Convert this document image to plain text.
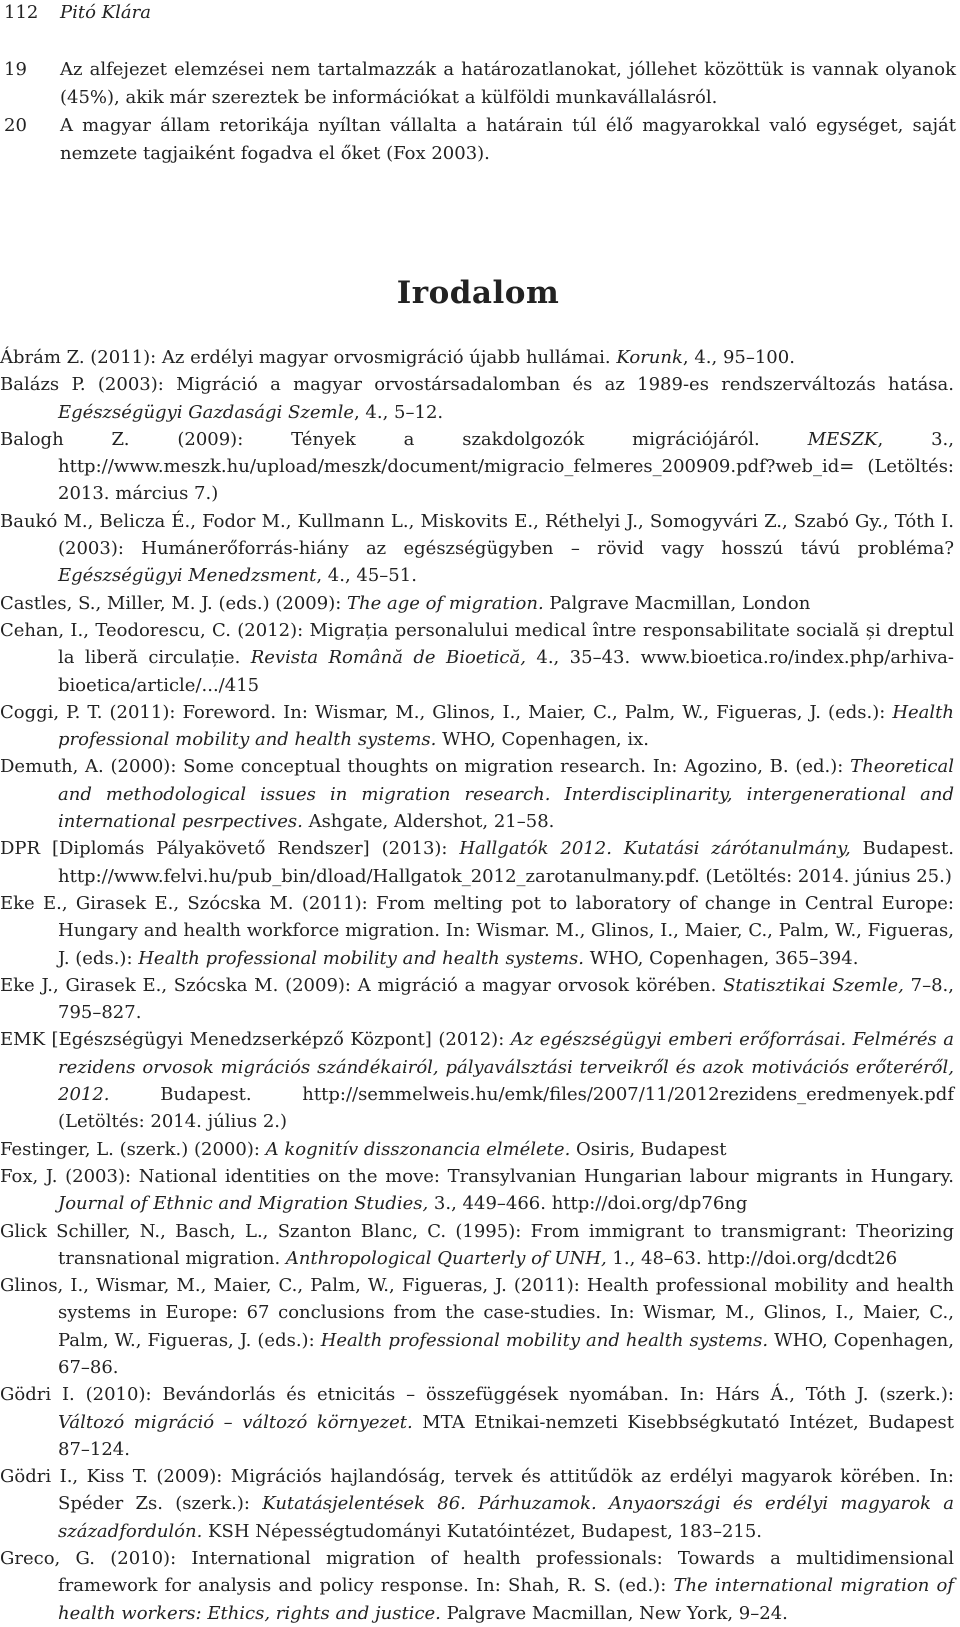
112 Pitó Klára
19 Az alfejezet elemzései nem tartalmazzák a határozatlanokat, jóllehet közöttük is vannak olyanok (45%), akik már szereztek be információkat a külföldi munkavállalásról.
20 A magyar állam retorikája nyíltan vállalta a határain túl élő magyarokkal való egységet, saját nemzete tagjaiként fogadva el őket (Fox 2003).
Irodalom

Ábrám Z. (2011): Az erdélyi magyar orvosmigráció újabb hullámai. Korunk, 4., 95–100.

Balázs P. (2003): Migráció a magyar orvostársadalomban és az 1989-es rendszerváltozás hatása. Egészségügyi Gazdasági Szemle, 4., 5–12.

Balogh Z. (2009): Tények a szakdolgozók migrációjáról. MESZK, 3., http://www.meszk.hu/upload/meszk/document/migracio_felmeres_200909.pdf?web_id= (Letöltés: 2013. március 7.)

Baukó M., Belicza É., Fodor M., Kullmann L., Miskovits E., Réthelyi J., Somogyvári Z., Szabó Gy., Tóth I. (2003): Humánerőforrás-hiány az egészségügyben – rövid vagy hosszú távú probléma? Egészségügyi Menedzsment, 4., 45–51.

Castles, S., Miller, M. J. (eds.) (2009): The age of migration. Palgrave Macmillan, London

Cehan, I., Teodorescu, C. (2012): Migrația personalului medical între responsabilitate socială și dreptul la liberă circulație. Revista Română de Bioetică, 4., 35–43. www.bioetica.ro/index.php/arhiva-bioetica/article/.../415

Coggi, P. T. (2011): Foreword. In: Wismar, M., Glinos, I., Maier, C., Palm, W., Figueras, J. (eds.): Health professional mobility and health systems. WHO, Copenhagen, ix.

Demuth, A. (2000): Some conceptual thoughts on migration research. In: Agozino, B. (ed.): Theoretical and methodological issues in migration research. Interdisciplinarity, intergenerational and international pesrpectives. Ashgate, Aldershot, 21–58.

DPR [Diplomás Pályakövető Rendszer] (2013): Hallgatók 2012. Kutatási zárótanulmány, Budapest. http://www.felvi.hu/pub_bin/dload/Hallgatok_2012_zarotanulmany.pdf. (Letöltés: 2014. június 25.)

Eke E., Girasek E., Szócska M. (2011): From melting pot to laboratory of change in Central Europe: Hungary and health workforce migration. In: Wismar. M., Glinos, I., Maier, C., Palm, W., Figueras, J. (eds.): Health professional mobility and health systems. WHO, Copenhagen, 365–394.

Eke J., Girasek E., Szócska M. (2009): A migráció a magyar orvosok körében. Statisztikai Szemle, 7–8., 795–827.

EMK [Egészségügyi Menedzserképző Központ] (2012): Az egészségügyi emberi erőforrásai. Felmérés a rezidens orvosok migrációs szándékairól, pályaválsztási terveikről és azok motivációs erőteréről, 2012. Budapest. http://semmelweis.hu/emk/files/2007/11/2012rezidens_eredmenyek.pdf (Letöltés: 2014. július 2.)

Festinger, L. (szerk.) (2000): A kognitív disszonancia elmélete. Osiris, Budapest

Fox, J. (2003): National identities on the move: Transylvanian Hungarian labour migrants in Hungary. Journal of Ethnic and Migration Studies, 3., 449–466. http://doi.org/dp76ng

Glick Schiller, N., Basch, L., Szanton Blanc, C. (1995): From immigrant to transmigrant: Theorizing transnational migration. Anthropological Quarterly of UNH, 1., 48–63. http://doi.org/dcdt26

Glinos, I., Wismar, M., Maier, C., Palm, W., Figueras, J. (2011): Health professional mobility and health systems in Europe: 67 conclusions from the case-studies. In: Wismar, M., Glinos, I., Maier, C., Palm, W., Figueras, J. (eds.): Health professional mobility and health systems. WHO, Copenhagen, 67–86.

Gödri I. (2010): Bevándorlás és etnicitás – összefüggések nyomában. In: Hárs Á., Tóth J. (szerk.): Változó migráció – változó környezet. MTA Etnikai-nemzeti Kisebbségkutató Intézet, Budapest 87–124.

Gödri I., Kiss T. (2009): Migrációs hajlandóság, tervek és attitűdök az erdélyi magyarok körében. In: Spéder Zs. (szerk.): Kutatásjelentések 86. Párhuzamok. Anyaországi és erdélyi magyarok a századfordulón. KSH Népességtudományi Kutatóintézet, Budapest, 183–215.

Greco, G. (2010): International migration of health professionals: Towards a multidimensional framework for analysis and policy response. In: Shah, R. S. (ed.): The international migration of health workers: Ethics, rights and justice. Palgrave Macmillan, New York, 9–24.
